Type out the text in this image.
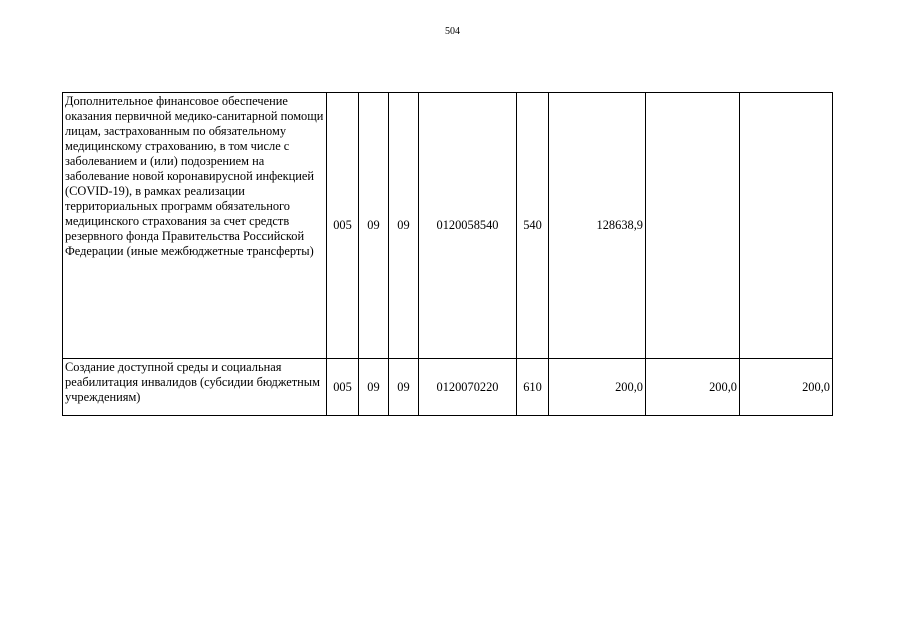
504
Дополнительное финансовое обеспечение оказания первичной медико-санитарной помощи лицам, застрахованным по обязательному медицинскому страхованию, в том числе с заболеванием и (или) подозрением на заболевание новой коронавирусной инфекцией (COVID-19), в рамках реализации территориальных программ обязательного медицинского страхования за счет средств резервного фонда Правительства Российской Федерации (иные межбюджетные трансферты)	005	09	09	0120058540	540	128638,9		
Создание доступной среды и социальная реабилитация инвалидов (субсидии бюджетным учреждениям)	005	09	09	0120070220	610	200,0	200,0	200,0
